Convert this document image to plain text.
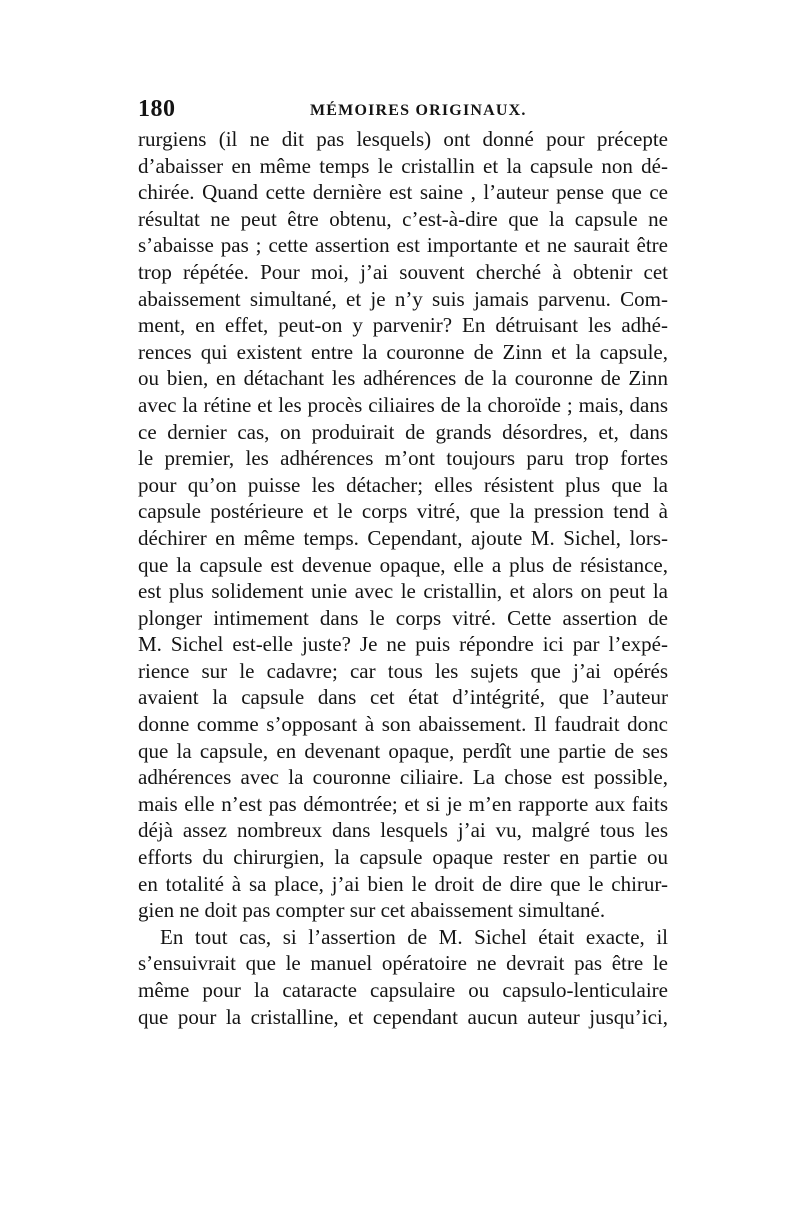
180	MÉMOIRES ORIGINAUX.
rurgiens (il ne dit pas lesquels) ont donné pour précepte
d’abaisser en même temps le cristallin et la capsule non dé-
chirée. Quand cette dernière est saine , l’auteur pense que ce
résultat ne peut être obtenu, c’est-à-dire que la capsule ne
s’abaisse pas ; cette assertion est importante et ne saurait être
trop répétée. Pour moi, j’ai souvent cherché à obtenir cet
abaissement simultané, et je n’y suis jamais parvenu. Com-
ment, en effet, peut-on y parvenir? En détruisant les adhé-
rences qui existent entre la couronne de Zinn et la capsule,
ou bien, en détachant les adhérences de la couronne de Zinn
avec la rétine et les procès ciliaires de la choroïde ; mais, dans
ce dernier cas, on produirait de grands désordres, et, dans
le premier, les adhérences m’ont toujours paru trop fortes
pour qu’on puisse les détacher; elles résistent plus que la
capsule postérieure et le corps vitré, que la pression tend à
déchirer en même temps. Cependant, ajoute M. Sichel, lors-
que la capsule est devenue opaque, elle a plus de résistance,
est plus solidement unie avec le cristallin, et alors on peut la
plonger intimement dans le corps vitré. Cette assertion de
M. Sichel est-elle juste? Je ne puis répondre ici par l’expé-
rience sur le cadavre; car tous les sujets que j’ai opérés
avaient la capsule dans cet état d’intégrité, que l’auteur
donne comme s’opposant à son abaissement. Il faudrait donc
que la capsule, en devenant opaque, perdît une partie de ses
adhérences avec la couronne ciliaire. La chose est possible,
mais elle n’est pas démontrée; et si je m’en rapporte aux faits
déjà assez nombreux dans lesquels j’ai vu, malgré tous les
efforts du chirurgien, la capsule opaque rester en partie ou
en totalité à sa place, j’ai bien le droit de dire que le chirur-
gien ne doit pas compter sur cet abaissement simultané.
En tout cas, si l’assertion de M. Sichel était exacte, il
s’ensuivrait que le manuel opératoire ne devrait pas être le
même pour la cataracte capsulaire ou capsulo-lenticulaire
que pour la cristalline, et cependant aucun auteur jusqu’ici,
